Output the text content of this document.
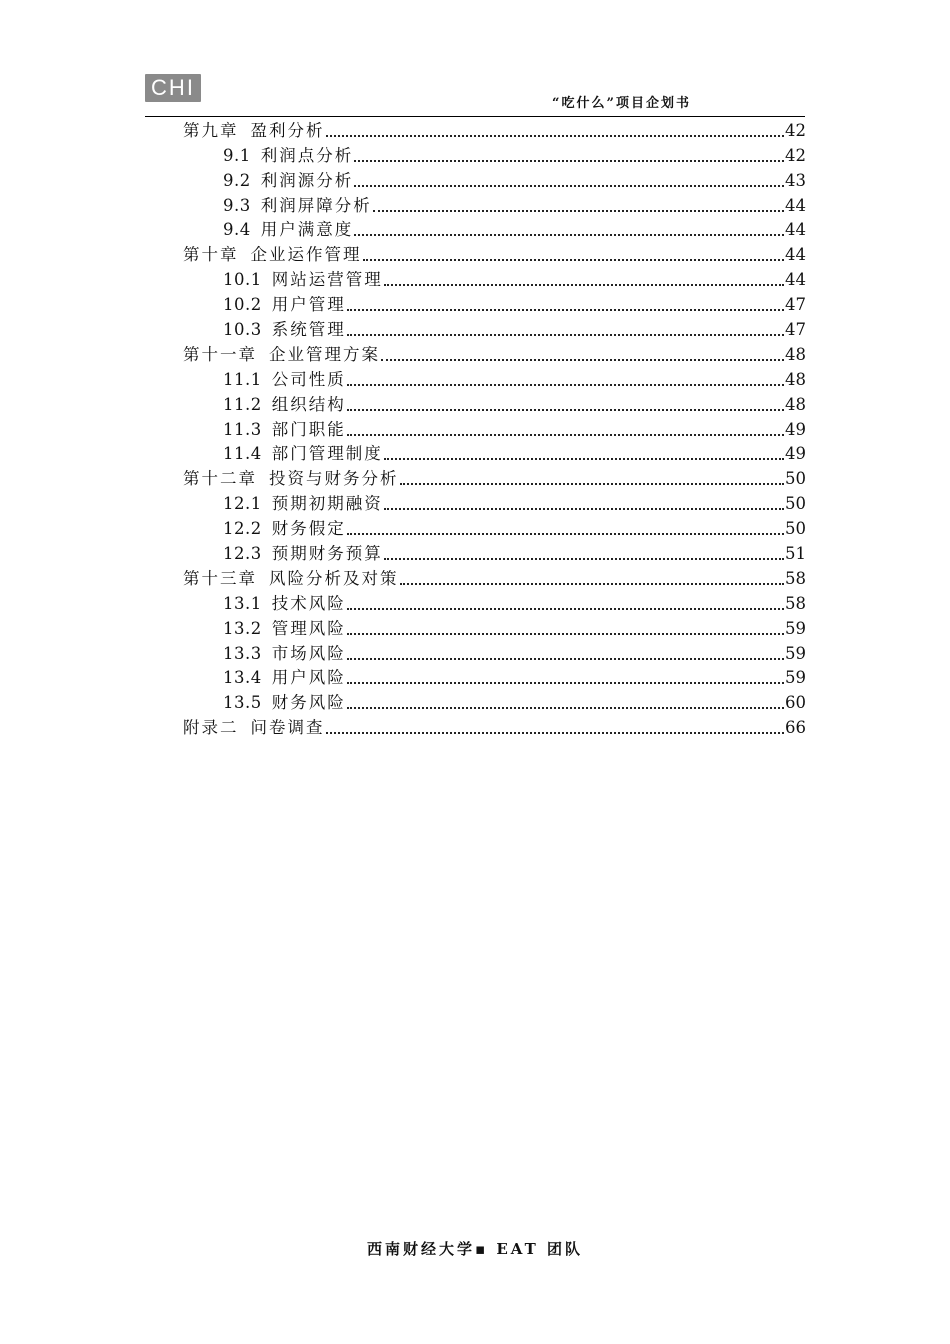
CHI
“吃什么”项目企划书
第九章 盈利分析	42
9.1 利润点分析	42
9.2 利润源分析	43
9.3 利润屏障分析	44
9.4 用户满意度	44
第十章 企业运作管理	44
10.1 网站运营管理	44
10.2 用户管理	47
10.3 系统管理	47
第十一章 企业管理方案	48
11.1 公司性质	48
11.2 组织结构	48
11.3 部门职能	49
11.4 部门管理制度	49
第十二章 投资与财务分析	50
12.1 预期初期融资	50
12.2 财务假定	50
12.3 预期财务预算	51
第十三章 风险分析及对策	58
13.1 技术风险	58
13.2 管理风险	59
13.3 市场风险	59
13.4 用户风险	59
13.5 财务风险	60
附录二 问卷调查	66
西南财经大学▪ EAT 团队
